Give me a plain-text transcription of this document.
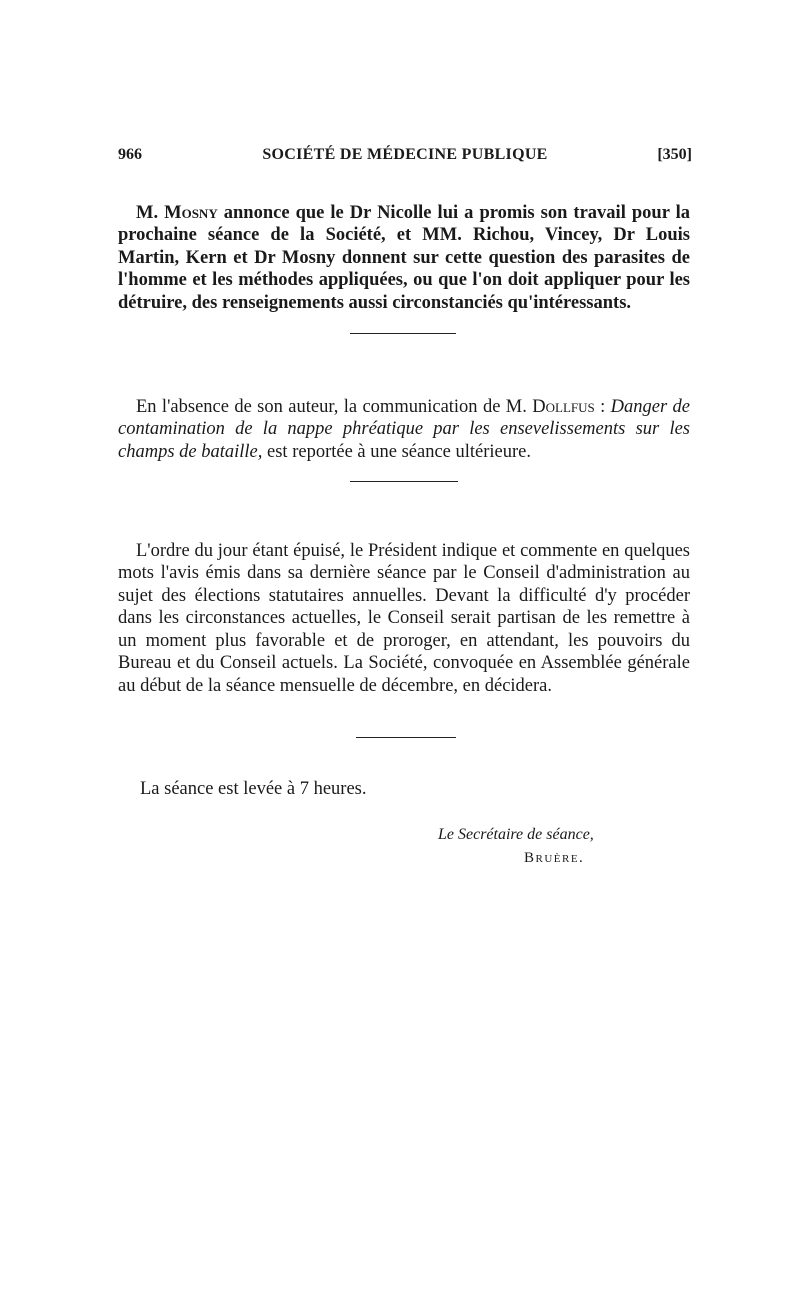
966	SOCIÉTÉ DE MÉDECINE PUBLIQUE	[350]

M. Mosny annonce que le Dr Nicolle lui a promis son travail pour la prochaine séance de la Société, et MM. Richou, Vincey, Dr Louis Martin, Kern et Dr Mosny donnent sur cette question des parasites de l'homme et les méthodes appliquées, ou que l'on doit appliquer pour les détruire, des renseignements aussi circonstanciés qu'intéressants.

En l'absence de son auteur, la communication de M. Dollfus : Danger de contamination de la nappe phréatique par les ensevelissements sur les champs de bataille, est reportée à une séance ultérieure.

L'ordre du jour étant épuisé, le Président indique et commente en quelques mots l'avis émis dans sa dernière séance par le Conseil d'administration au sujet des élections statutaires annuelles. Devant la difficulté d'y procéder dans les circonstances actuelles, le Conseil serait partisan de les remettre à un moment plus favorable et de proroger, en attendant, les pouvoirs du Bureau et du Conseil actuels. La Société, convoquée en Assemblée générale au début de la séance mensuelle de décembre, en décidera.

La séance est levée à 7 heures.
Le Secrétaire de séance,
Bruère.
